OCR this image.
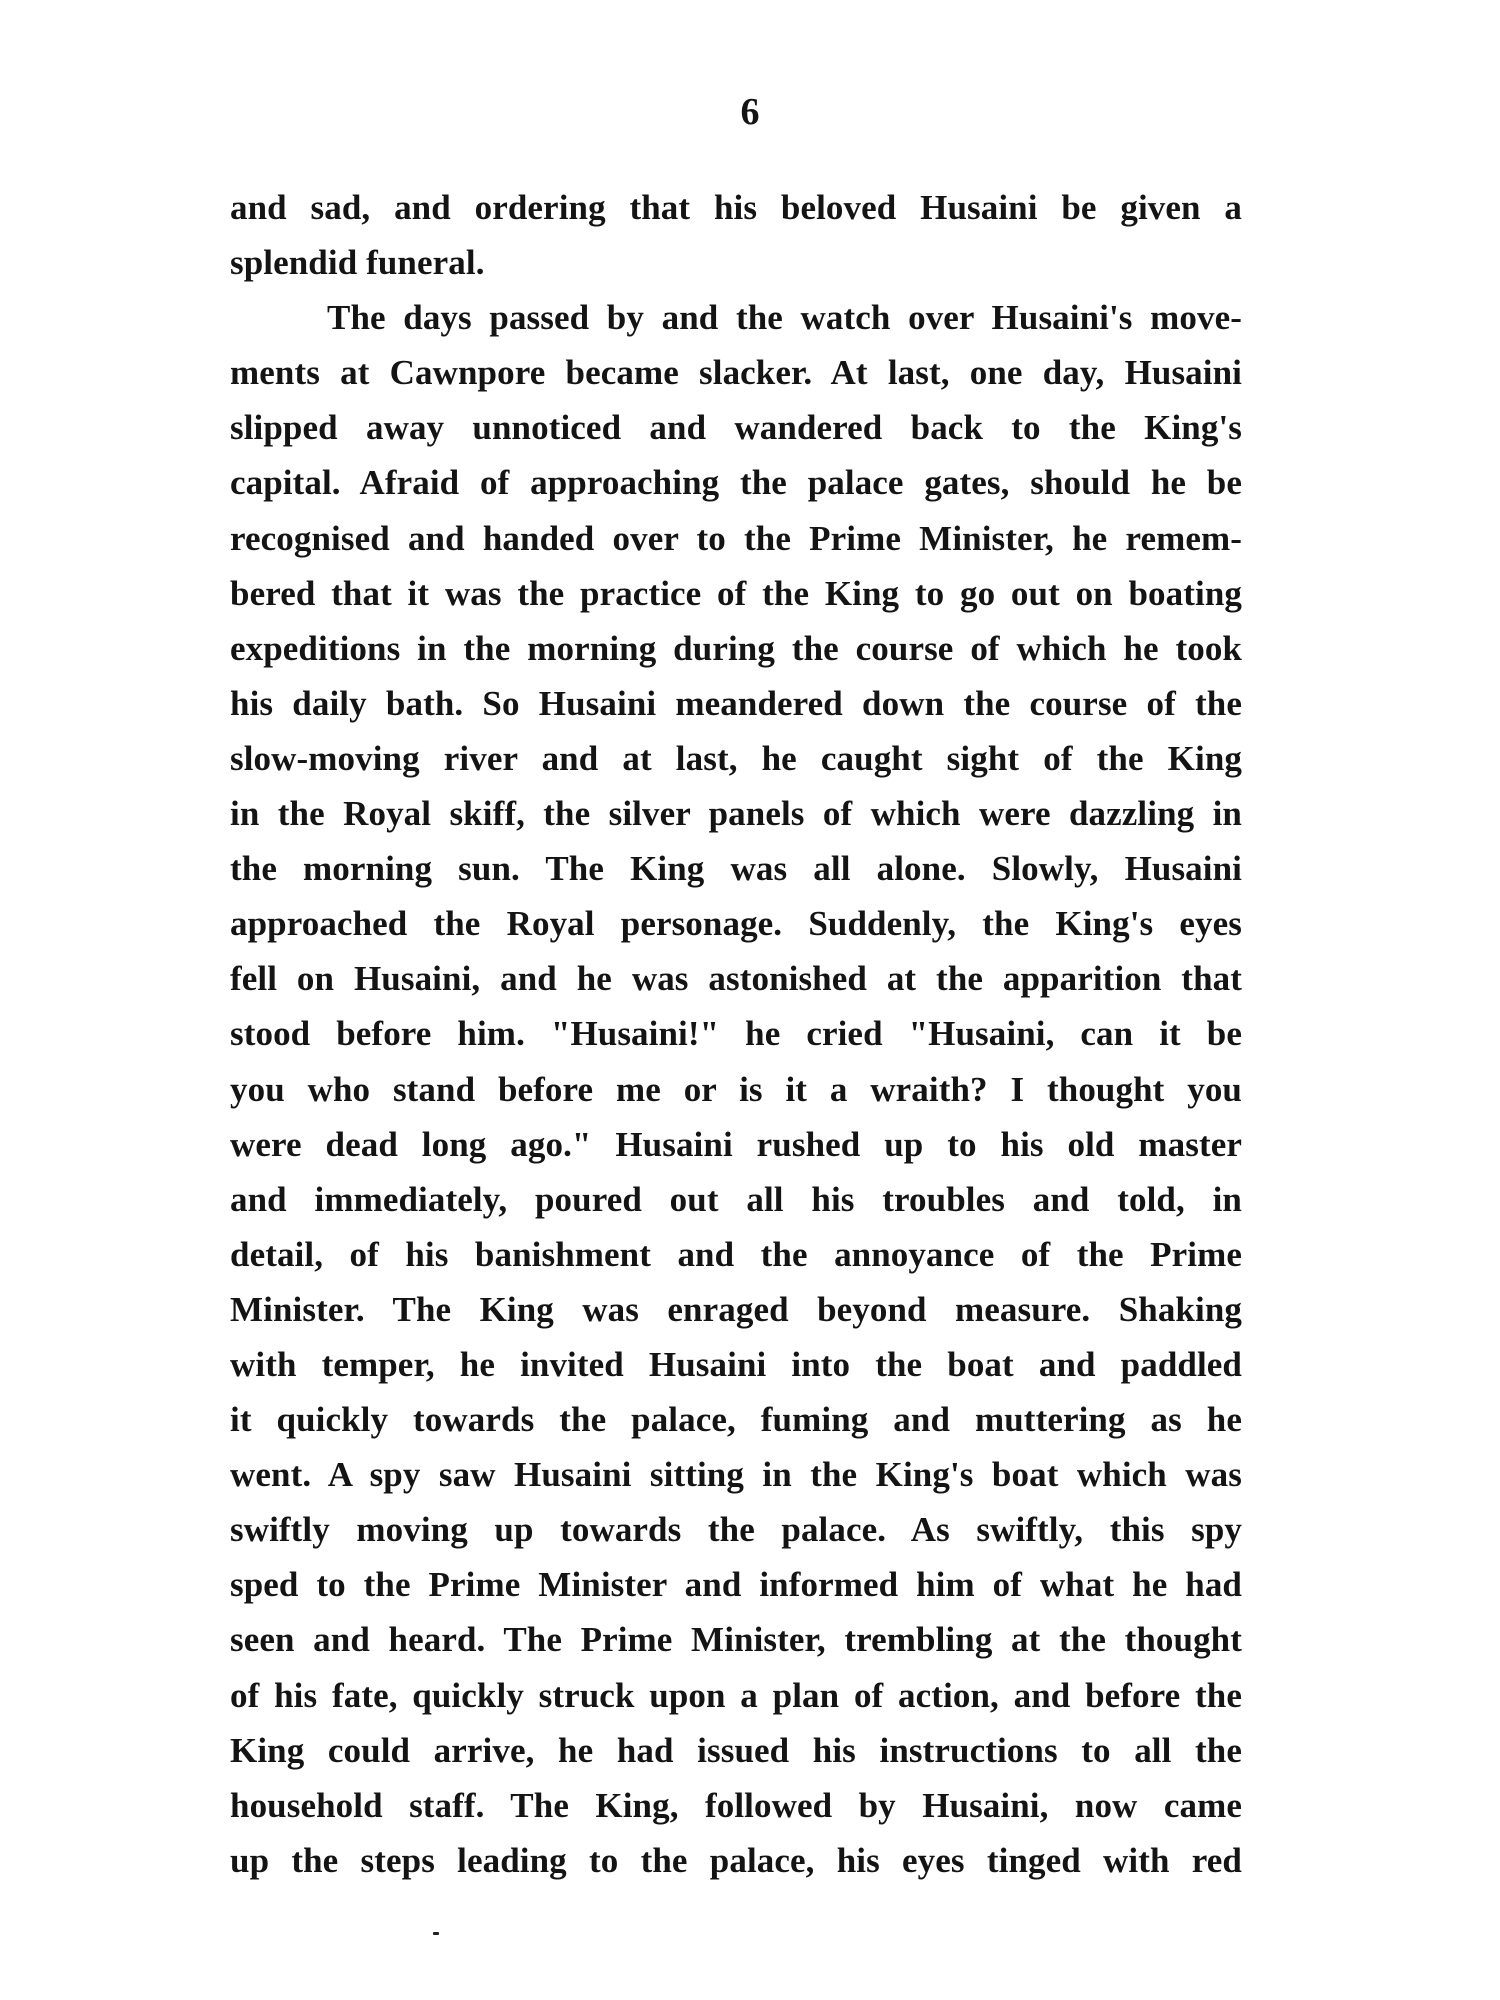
6
and sad, and ordering that his beloved Husaini be given a
splendid funeral.
The days passed by and the watch over Husaini's move-
ments at Cawnpore became slacker. At last, one day, Husaini
slipped away unnoticed and wandered back to the King's
capital. Afraid of approaching the palace gates, should he be
recognised and handed over to the Prime Minister, he remem-
bered that it was the practice of the King to go out on boating
expeditions in the morning during the course of which he took
his daily bath. So Husaini meandered down the course of the
slow-moving river and at last, he caught sight of the King
in the Royal skiff, the silver panels of which were dazzling in
the morning sun. The King was all alone. Slowly, Husaini
approached the Royal personage. Suddenly, the King's eyes
fell on Husaini, and he was astonished at the apparition that
stood before him. "Husaini!" he cried "Husaini, can it be
you who stand before me or is it a wraith? I thought you
were dead long ago." Husaini rushed up to his old master
and immediately, poured out all his troubles and told, in
detail, of his banishment and the annoyance of the Prime
Minister. The King was enraged beyond measure. Shaking
with temper, he invited Husaini into the boat and paddled
it quickly towards the palace, fuming and muttering as he
went. A spy saw Husaini sitting in the King's boat which was
swiftly moving up towards the palace. As swiftly, this spy
sped to the Prime Minister and informed him of what he had
seen and heard. The Prime Minister, trembling at the thought
of his fate, quickly struck upon a plan of action, and before the
King could arrive, he had issued his instructions to all the
household staff. The King, followed by Husaini, now came
up the steps leading to the palace, his eyes tinged with red
